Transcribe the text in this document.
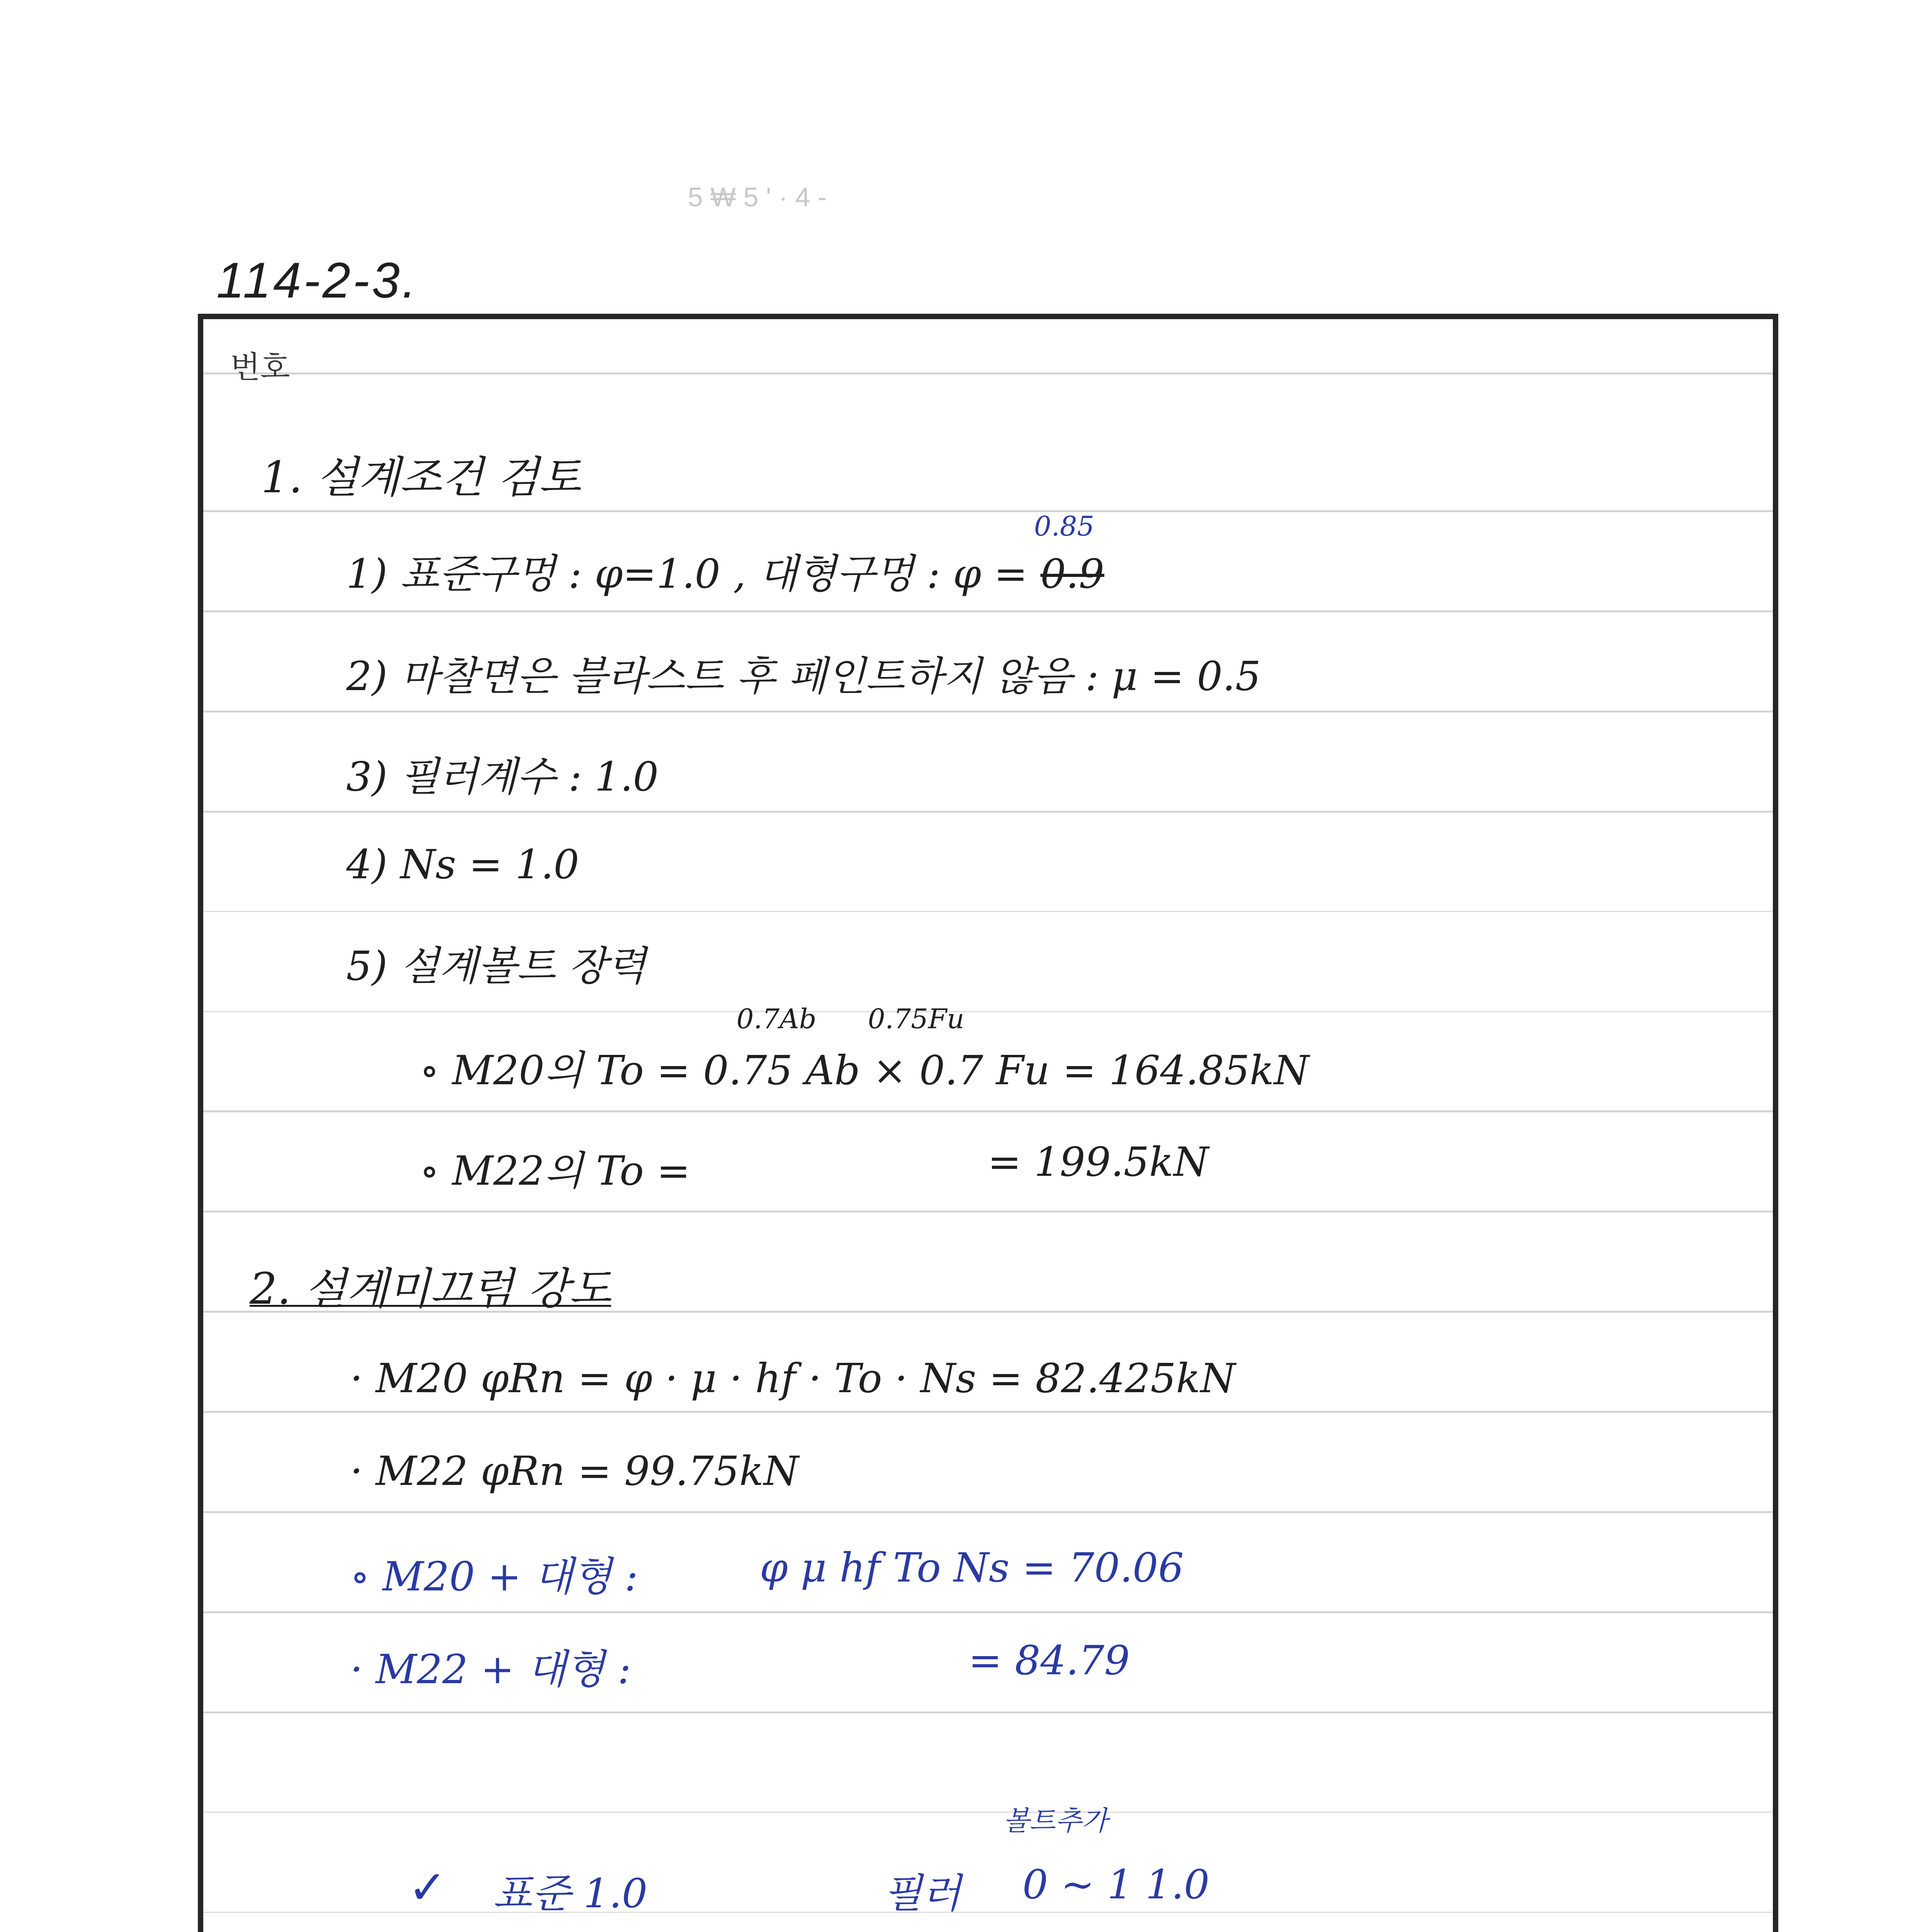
114-2-3.
5 ₩ 5 ' · 4 -
번호
1. 설계조건 검토
1) 표준구멍 : φ=1.0 , 대형구멍 : φ = 0.9
0.85
2) 마찰면은 블라스트 후 페인트하지 않음 : μ = 0.5
3) 필러계수 : 1.0
4) Ns = 1.0
5) 설계볼트 장력
0.7Ab 0.75Fu
∘ M20의 To = 0.75 Ab × 0.7 Fu = 164.85kN
∘ M22의 To =	= 199.5kN
2. 설계미끄럼 강도
· M20 φRn = φ · μ · hf · To · Ns = 82.425kN
· M22 φRn = 99.75kN
∘ M20 + 대형 :	φ μ hf To Ns = 70.06
· M22 + 대형 :	= 84.79
✓ 표준 1.0
볼트추가
필러 0 ~ 1 1.0
